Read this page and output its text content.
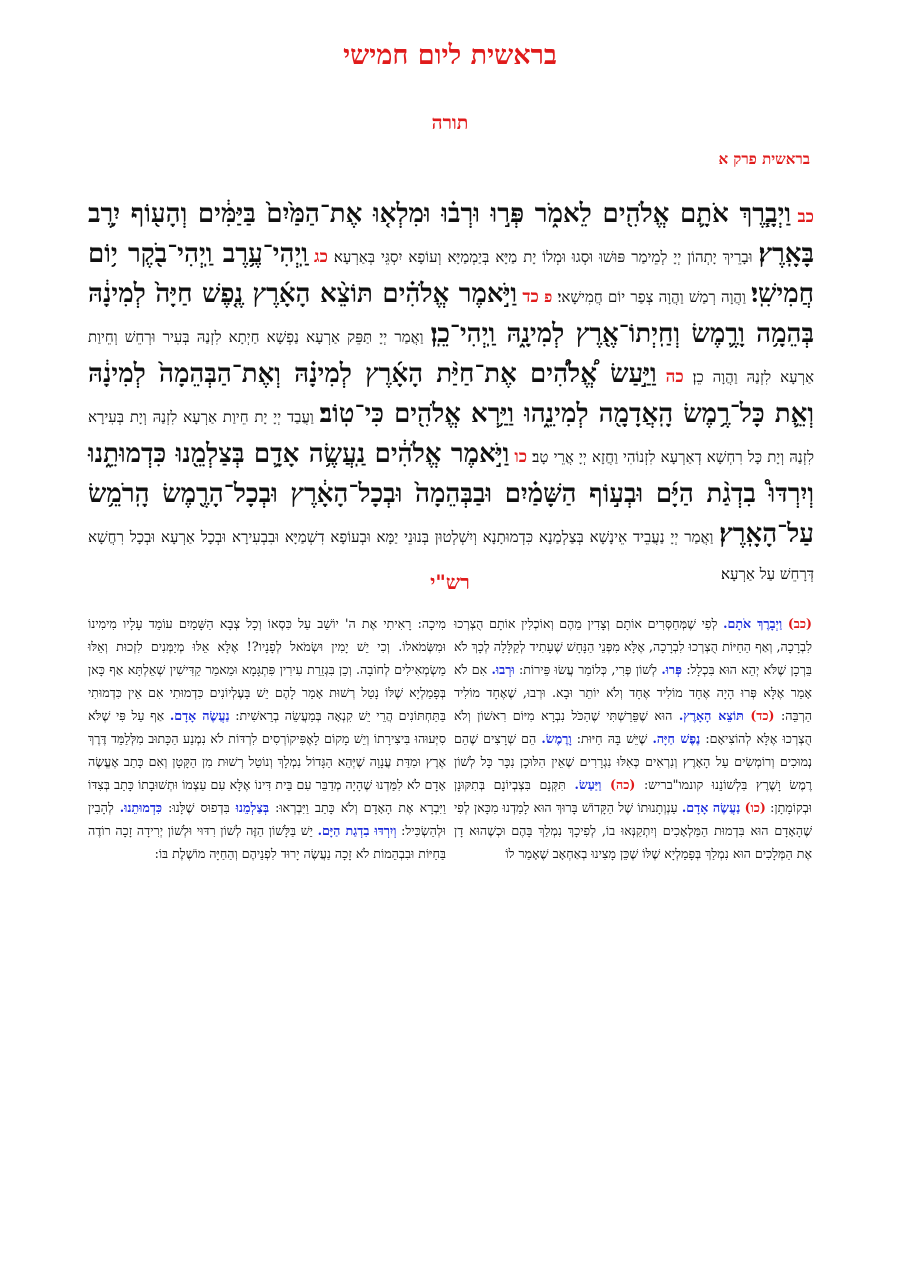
בראשית ליום חמישי
תורה
בראשית פרק א
כב וַיְבָ֧רֶךְ אֹתָ֛ם אֱלֹהִ֖ים לֵאמֹ֑ר פְּר֣וּ וּרְב֗וּ וּמִלְא֤וּ אֶת־הַמַּ֙יִם֙ בַּיַּמִּ֔ים וְהָע֖וֹף יִ֥רֶב בָּאָֽרֶץ׃ וּבָרֵיךְ יָתְהוֹן יְיָ לְמֵימַר פּוּשׁוּ וּסְגוּ וּמְלוֹ יָת מַיָּא בְּיַמְמַיָּא וְעוֹפָא יִסְגֵּי בְּאַרְעָא׃ כג וַֽיְהִי־עֶ֥רֶב וַֽיְהִי־בֹ֖קֶר י֥וֹם חֲמִישִֽׁי׃ וַהֲוָה רְמַשׁ וַהֲוָה צְפַר יוֹם חֲמִישָׁאי׃ פ כד וַיֹּ֣אמֶר אֱלֹהִ֗ים תּוֹצֵ֨א הָאָ֜רֶץ נֶ֤פֶשׁ חַיָּה֙ לְמִינָ֔הּ בְּהֵמָ֥ה וָרֶ֛מֶשׂ וְחַֽיְתוֹ־אֶ֖רֶץ לְמִינָ֑הּ וַֽיְהִי־כֵֽן׃ וַאֲמַר יְיָ תַּפֵּק אַרְעָא נַפְשָׁא חַיְתָא לִזְנַהּ בְּעִיר וּרְחֵשׁ וְחֵיוַת אַרְעָא לִזְנַהּ וַהֲוָה כֵן׃ כה וַיַּ֣עַשׂ אֱ֠לֹהִ֠ים אֶת־חַיַּ֨ת הָאָ֜רֶץ לְמִינָ֗הּ וְאֶת־הַבְּהֵמָה֙ לְמִינָ֔הּ וְאֵ֛ת כָּל־רֶ֥מֶשׂ הָֽאֲדָמָ֖ה לְמִינֵ֑הוּ וַיַּ֥רְא אֱלֹהִ֖ים כִּי־טֽוֹב׃ וַעֲבַד יְיָ יָת חֵיוַת אַרְעָא לִזְנַהּ וְיָת בְּעִירָא לִזְנַהּ וְיָת כָּל רִחְשָׁא דְאַרְעָא לִזְנוֹהִי וַחֲזָא יְיָ אֲרֵי טָב׃ כו וַיֹּ֣אמֶר אֱלֹהִ֔ים נַֽעֲשֶׂ֥ה אָדָ֛ם בְּצַלְמֵ֖נוּ כִּדְמוּתֵ֑נוּ וְיִרְדּוּ֩ בִדְגַ֨ת הַיָּ֜ם וּבְע֣וֹף הַשָּׁמַ֗יִם וּבַבְּהֵמָה֙ וּבְכָל־הָאָ֔רֶץ וּבְכָל־הָרֶ֖מֶשׂ הָֽרֹמֵ֥שׂ עַל־הָאָֽרֶץ׃ וַאֲמַר יְיָ נַעֲבֵיד אֵינָשָׁא בְּצַלְמַנָא כִּדְמוּתָנָא וְיִשְׁלְטוּן בְּנוּנֵי יַמָּא וּבְעוֹפָא דִשְׁמַיָּא וּבִבְעִירָא וּבְכָל אַרְעָא וּבְכָל רִחֲשָׁא דְּרָחֵשׁ עַל אַרְעָא׃
רש"י
(כב) וַיְבָרֶךְ אֹתָם. לְפִי שֶׁמְּחַסְּרִים אוֹתָם וְצָדִין מֵהֶם וְאוֹכְלִין אוֹתָם הֻצְרְכוּ לִבְרָכָה, וְאַף הַחַיּוֹת הֻצְרְכוּ לִבְרָכָה, אֶלָּא מִפְּנֵי הַנָּחָשׁ שֶׁעָתִיד לְקַלָּלָה לְכָךְ לֹא בֵּרְכָן שֶׁלֹּא יְהֵא הוּא בִּכְלָל: פְּרוּ. לְשׁוֹן פְּרִי, כְּלוֹמַר עֲשׂוּ פֵּירוֹת: וּרְבוּ. אִם לֹא אָמַר אֶלָּא פְּרוּ הָיָה אֶחָד מוֹלִיד אֶחָד וְלֹא יוֹתֵר וּבָא. וּרְבוּ, שֶׁאֶחָד מוֹלִיד הַרְבֵּה: (כד) תּוֹצֵא הָאָרֶץ. הוּא שֶׁפֵּרַשְׁתִּי שֶׁהַכֹּל נִבְרָא מִיּוֹם רִאשׁוֹן וְלֹא הֻצְרְכוּ אֶלָּא לְהוֹצִיאָם: נֶפֶשׁ חַיָּה. שֶׁיֵּשׁ בָּהּ חַיּוּת: וָרֶמֶשׂ. הֵם שְׁרָצִים שֶׁהֵם נְמוּכִים וְרוֹמְשִׂים עַל הָאָרֶץ וְנִרְאִים כְּאִלּוּ נִגְרָרִים שֶׁאֵין הִלּוּכָן נִכָּר כָּל לְשׁוֹן רֶמֶשׂ וָשֶׁרֶץ בִּלְשׁוֹנֵנוּ קונמו"בריש: (כה) וַיַּעַשׂ. תִּקְּנָם בִּצְבְיוֹנָם בְּתִקּוּנָן וּבְקוֹמָתָן: (כו) נַעֲשֶׂה אָדָם. עַנְוְתָנוּתוֹ שֶׁל הַקָּדוֹשׁ בָּרוּךְ הוּא לָמַדְנוּ מִכָּאן לְפִי שֶׁהָאָדָם הוּא בִּדְמוּת הַמַּלְאָכִים וְיִתְקַנְּאוּ בוֹ, לְפִיכָךְ נִמְלַךְ בָּהֶם וּכְשֶׁהוּא דָן אֶת הַמְּלָכִים הוּא נִמְלַךְ בְּפָמַלְיָא שֶׁלּוֹ שֶׁכֵּן מָצִינוּ בְאַחְאָב שֶׁאָמַר לוֹ
מִיכָה: רָאִיתִי אֶת ה' יוֹשֵׁב עַל כִּסְאוֹ וְכָל צְבָא הַשָּׁמַיִם עוֹמֵד עָלָיו מִימִינוֹ וּמִשְּׂמֹאלוֹ. וְכִי יֵשׁ יָמִין וּשְׂמֹאל לְפָנָיו?! אֶלָּא אֵלּוּ מְיַמְּנִים לִזְכוּת וְאֵלּוּ מַשְׂמְאִילִים לְחוֹבָה. וְכֵן בִּגְזֵרַת עִירִין פִּתְגָּמָא וּמֵאמַר קַדִּישִׁין שְׁאֵלְתָּא אַף כָּאן בְּפָמַלְיָא שֶׁלּוֹ נָטַל רְשׁוּת אָמַר לָהֶם יֵשׁ בָּעֶלְיוֹנִים כִּדְמוּתִי אִם אֵין כִּדְמוּתִי בַּתַּחְתּוֹנִים הֲרֵי יֵשׁ קִנְאָה בְּמַעֲשֵׂה בְרֵאשִׁית: נַעֲשֶׂה אָדָם. אַף עַל פִּי שֶׁלֹּא סִיְּעוּהוּ בִּיצִירָתוֹ וְיֵשׁ מָקוֹם לָאֶפִּיקוֹרְסִים לִרְדּוֹת לֹא נִמְנַע הַכָּתוּב מִלְּלַמֵּד דֶּרֶךְ אֶרֶץ וּמִדַּת עֲנָוָה שֶׁיְּהֵא הַגָּדוֹל נִמְלָךְ וְנוֹטֵל רְשׁוּת מִן הַקָּטָן וְאִם כָּתַב אֶעֱשֶׂה אָדָם לֹא לִמַּדְנוּ שֶׁהָיָה מְדַבֵּר עִם בֵּית דִּינוֹ אֶלָּא עִם עַצְמוֹ וּתְשׁוּבָתוֹ כָּתַב בְּצִדּוֹ וַיִּבְרָא אֶת הָאָדָם וְלֹא כָּתַב וַיִּבְרְאוּ: בְּצַלְמֵנוּ בִּדְפוּס שֶׁלָּנוּ: כִּדְמוּתֵנוּ. לְהָבִין וּלְהַשְׂכִּיל: וְיִרְדּוּ בִדְגַת הַיָּם. יֵשׁ בַּלָּשׁוֹן הַזֶּה לְשׁוֹן רִדּוּי וּלְשׁוֹן יְרִידָה זָכָה רוֹדֶה בַּחַיּוֹת וּבִבְהֵמוֹת לֹא זָכָה נַעֲשֶׂה יָרוּד לִפְנֵיהֶם וְהַחַיָּה מוֹשֶׁלֶת בּוֹ:
